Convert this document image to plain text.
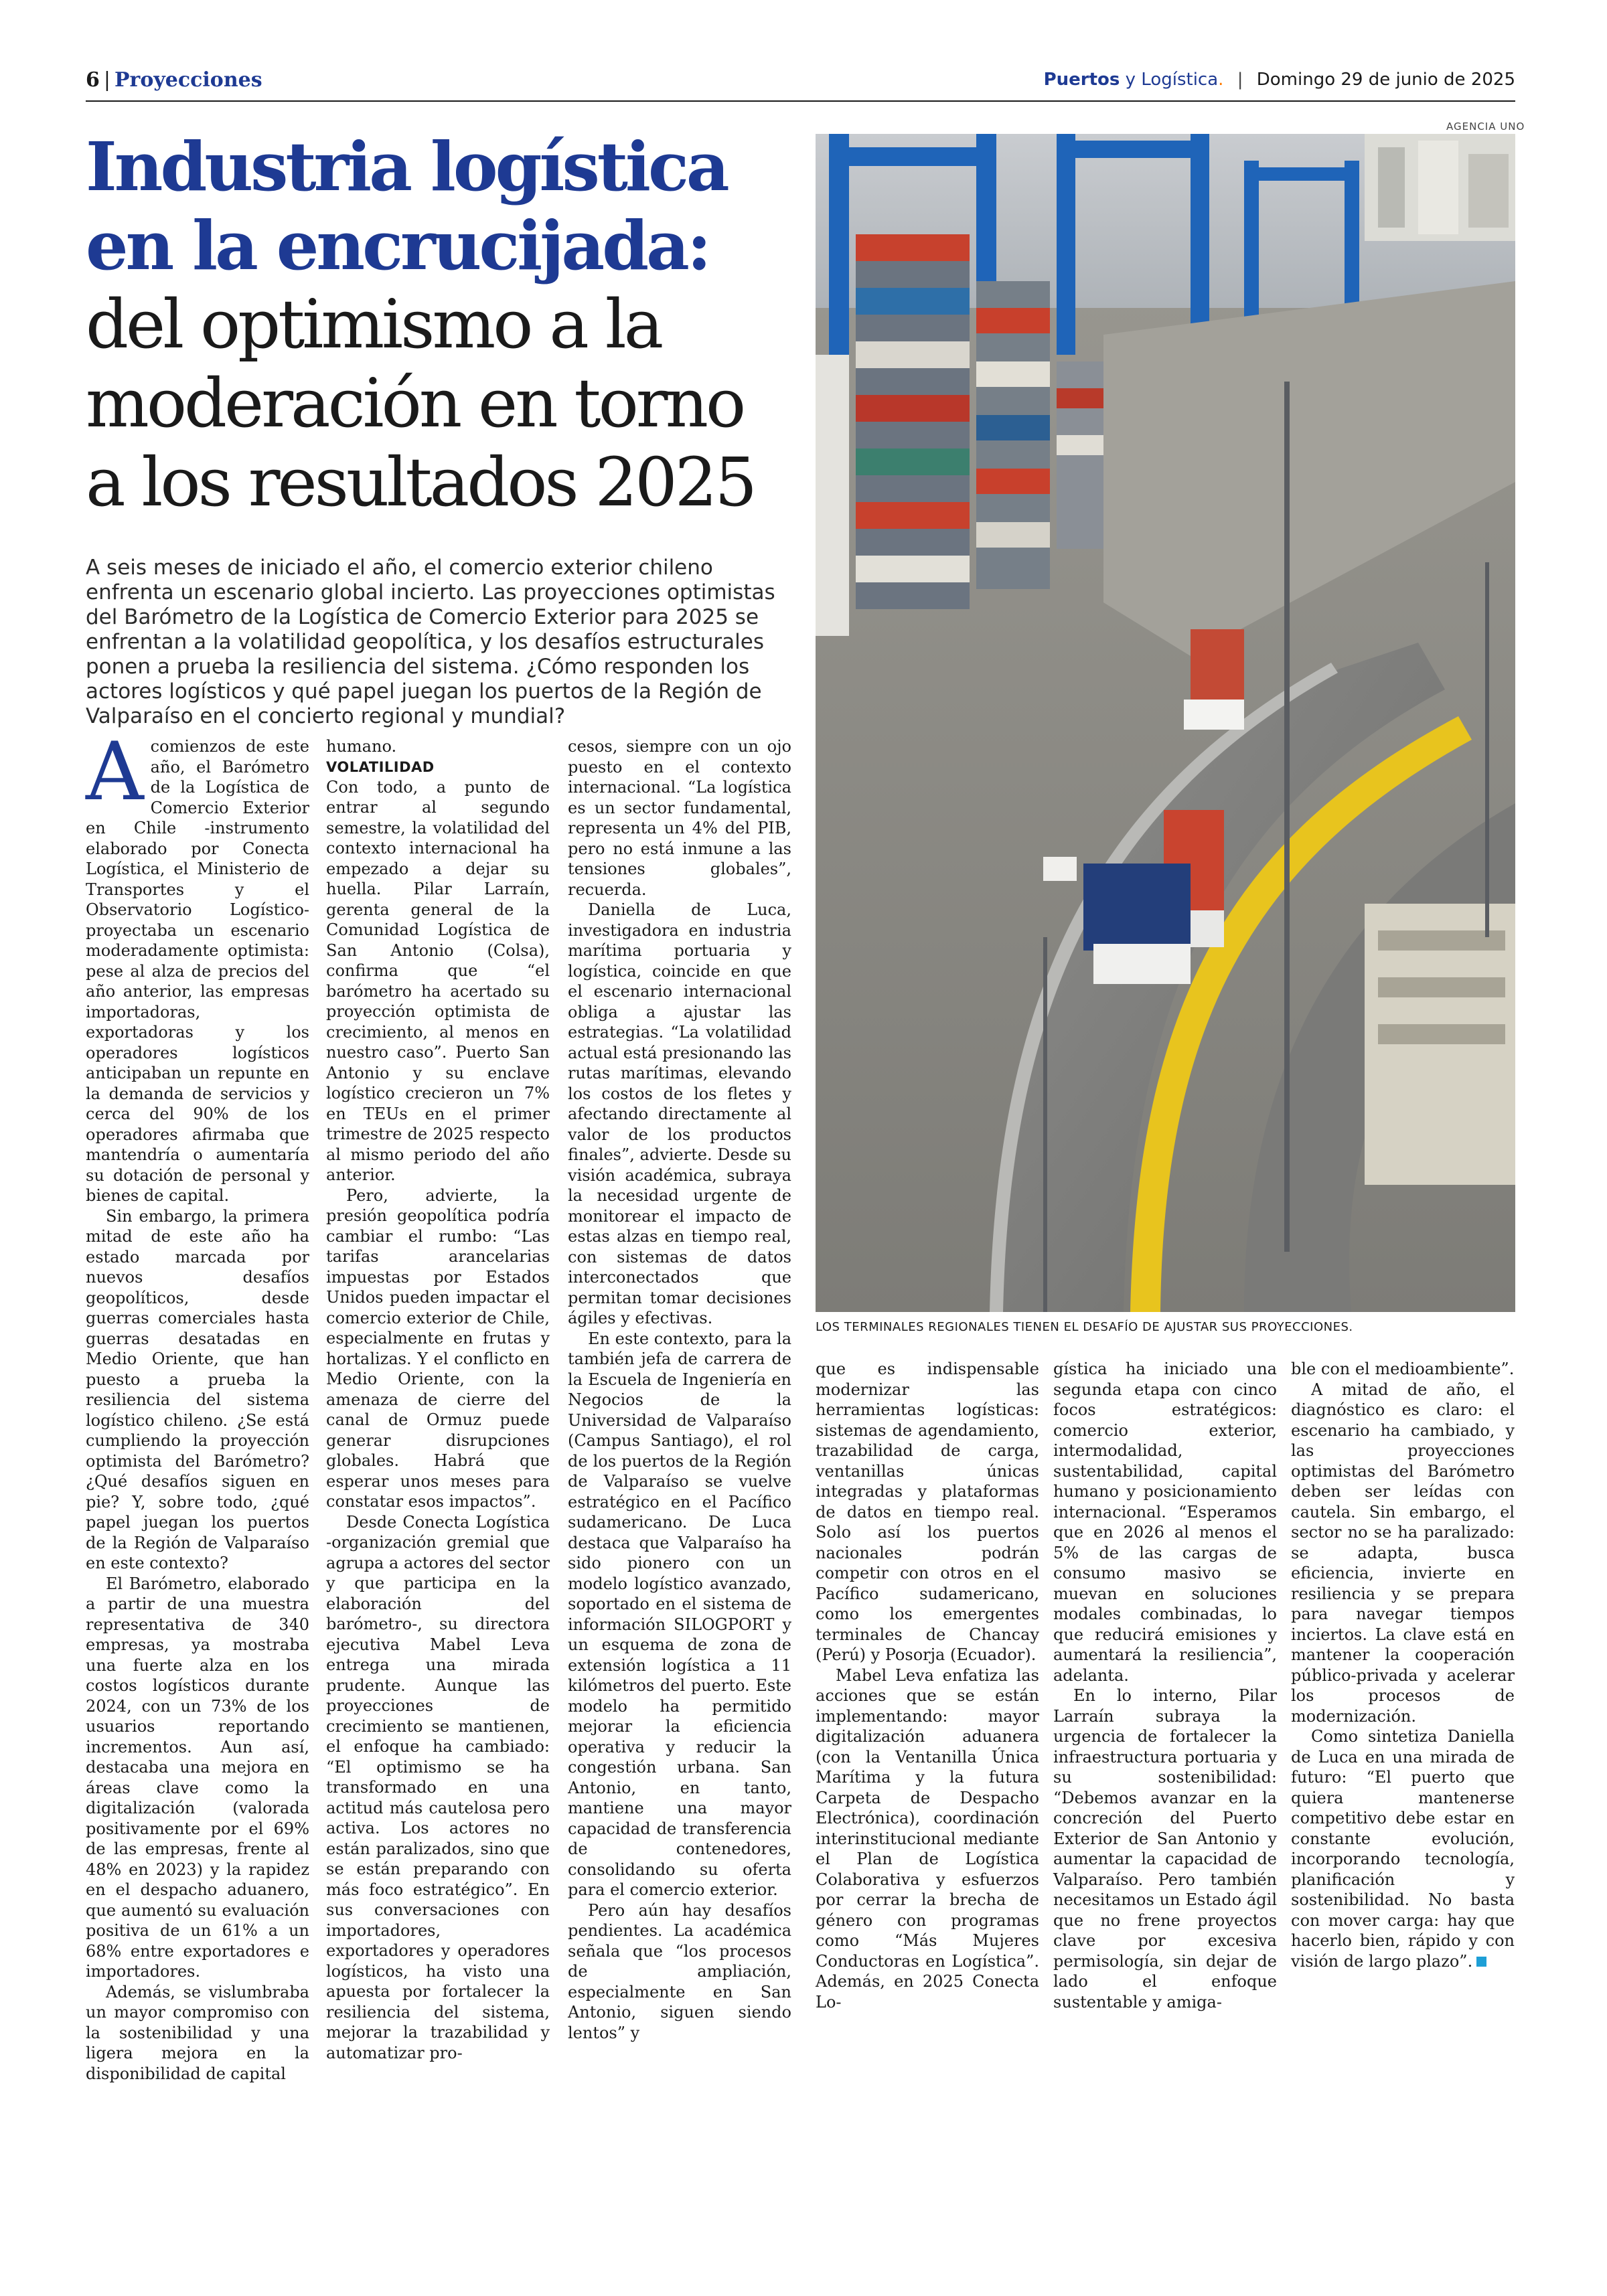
6 | Proyecciones	Puertos y Logística. | Domingo 29 de junio de 2025
Industria logística
en la encrucijada:
del optimismo a la
moderación en torno
a los resultados 2025

A seis meses de iniciado el año, el comercio exterior chileno enfrenta un escenario global incierto. Las proyecciones optimistas del Barómetro de la Logística de Comercio Exterior para 2025 se enfrentan a la volatilidad geopolítica, y los desafíos estructurales ponen a prueba la resiliencia del sistema. ¿Cómo responden los actores logísticos y qué papel juegan los puertos de la Región de Valparaíso en el concierto regional y mundial?

AGENCIA UNO
LOS TERMINALES REGIONALES TIENEN EL DESAFÍO DE AJUSTAR SUS PROYECCIONES.
A comienzos de este año, el Barómetro de la Logística de Comercio Exterior en Chile -instrumento elaborado por Conecta Logística, el Ministerio de Transportes y el Observatorio Logístico- proyectaba un escenario moderadamente optimista: pese al alza de precios del año anterior, las empresas importadoras, exportadoras y los operadores logísticos anticipaban un repunte en la demanda de servicios y cerca del 90% de los operadores afirmaba que mantendría o aumentaría su dotación de personal y bienes de capital.

Sin embargo, la primera mitad de este año ha estado marcada por nuevos desafíos geopolíticos, desde guerras comerciales hasta guerras desatadas en Medio Oriente, que han puesto a prueba la resiliencia del sistema logístico chileno. ¿Se está cumpliendo la proyección optimista del Barómetro? ¿Qué desafíos siguen en pie? Y, sobre todo, ¿qué papel juegan los puertos de la Región de Valparaíso en este contexto?

El Barómetro, elaborado a partir de una muestra representativa de 340 empresas, ya mostraba una fuerte alza en los costos logísticos durante 2024, con un 73% de los usuarios reportando incrementos. Aun así, destacaba una mejora en áreas clave como la digitalización (valorada positivamente por el 69% de las empresas, frente al 48% en 2023) y la rapidez en el despacho aduanero, que aumentó su evaluación positiva de un 61% a un 68% entre exportadores e importadores.

Además, se vislumbraba un mayor compromiso con la sostenibilidad y una ligera mejora en la disponibilidad de capital

humano.

VOLATILIDAD

Con todo, a punto de entrar al segundo semestre, la volatilidad del contexto internacional ha empezado a dejar su huella. Pilar Larraín, gerenta general de la Comunidad Logística de San Antonio (Colsa), confirma que “el barómetro ha acertado su proyección optimista de crecimiento, al menos en nuestro caso”. Puerto San Antonio y su enclave logístico crecieron un 7% en TEUs en el primer trimestre de 2025 respecto al mismo periodo del año anterior.

Pero, advierte, la presión geopolítica podría cambiar el rumbo: “Las tarifas arancelarias impuestas por Estados Unidos pueden impactar el comercio exterior de Chile, especialmente en frutas y hortalizas. Y el conflicto en Medio Oriente, con la amenaza de cierre del canal de Ormuz puede generar disrupciones globales. Habrá que esperar unos meses para constatar esos impactos”.

Desde Conecta Logística -organización gremial que agrupa a actores del sector y que participa en la elaboración del barómetro-, su directora ejecutiva Mabel Leva entrega una mirada prudente. Aunque las proyecciones de crecimiento se mantienen, el enfoque ha cambiado: “El optimismo se ha transformado en una actitud más cautelosa pero activa. Los actores no están paralizados, sino que se están preparando con más foco estratégico”. En sus conversaciones con importadores, exportadores y operadores logísticos, ha visto una apuesta por fortalecer la resiliencia del sistema, mejorar la trazabilidad y automatizar pro-

cesos, siempre con un ojo puesto en el contexto internacional. “La logística es un sector fundamental, representa un 4% del PIB, pero no está inmune a las tensiones globales”, recuerda.

Daniella de Luca, investigadora en industria marítima portuaria y logística, coincide en que el escenario internacional obliga a ajustar las estrategias. “La volatilidad actual está presionando las rutas marítimas, elevando los costos de los fletes y afectando directamente al valor de los productos finales”, advierte. Desde su visión académica, subraya la necesidad urgente de monitorear el impacto de estas alzas en tiempo real, con sistemas de datos interconectados que permitan tomar decisiones ágiles y efectivas.

En este contexto, para la también jefa de carrera de la Escuela de Ingeniería en Negocios de la Universidad de Valparaíso (Campus Santiago), el rol de los puertos de la Región de Valparaíso se vuelve estratégico en el Pacífico sudamericano. De Luca destaca que Valparaíso ha sido pionero con un modelo logístico avanzado, soportado en el sistema de información SILOGPORT y un esquema de zona de extensión logística a 11 kilómetros del puerto. Este modelo ha permitido mejorar la eficiencia operativa y reducir la congestión urbana. San Antonio, en tanto, mantiene una mayor capacidad de transferencia de contenedores, consolidando su oferta para el comercio exterior.

Pero aún hay desafíos pendientes. La académica señala que “los procesos de ampliación, especialmente en San Antonio, siguen siendo lentos” y

que es indispensable modernizar las herramientas logísticas: sistemas de agendamiento, trazabilidad de carga, ventanillas únicas integradas y plataformas de datos en tiempo real. Solo así los puertos nacionales podrán competir con otros en el Pacífico sudamericano, como los emergentes terminales de Chancay (Perú) y Posorja (Ecuador).

Mabel Leva enfatiza las acciones que se están implementando: mayor digitalización aduanera (con la Ventanilla Única Marítima y la futura Carpeta de Despacho Electrónica), coordinación interinstitucional mediante el Plan de Logística Colaborativa y esfuerzos por cerrar la brecha de género con programas como “Más Mujeres Conductoras en Logística”. Además, en 2025 Conecta Lo-

gística ha iniciado una segunda etapa con cinco focos estratégicos: comercio exterior, intermodalidad, sustentabilidad, capital humano y posicionamiento internacional. “Esperamos que en 2026 al menos el 5% de las cargas de consumo masivo se muevan en soluciones modales combinadas, lo que reducirá emisiones y aumentará la resiliencia”, adelanta.

En lo interno, Pilar Larraín subraya la urgencia de fortalecer la infraestructura portuaria y su sostenibilidad: “Debemos avanzar en la concreción del Puerto Exterior de San Antonio y aumentar la capacidad de Valparaíso. Pero también necesitamos un Estado ágil que no frene proyectos clave por excesiva permisología, sin dejar de lado el enfoque sustentable y amiga-

ble con el medioambiente”.

A mitad de año, el diagnóstico es claro: el escenario ha cambiado, y las proyecciones optimistas del Barómetro deben ser leídas con cautela. Sin embargo, el sector no se ha paralizado: se adapta, busca eficiencia, invierte en resiliencia y se prepara para navegar tiempos inciertos. La clave está en mantener la cooperación público-privada y acelerar los procesos de modernización.

Como sintetiza Daniella de Luca en una mirada de futuro: “El puerto que quiera mantenerse competitivo debe estar en constante evolución, incorporando tecnología, planificación y sostenibilidad. No basta con mover carga: hay que hacerlo bien, rápido y con visión de largo plazo”.
